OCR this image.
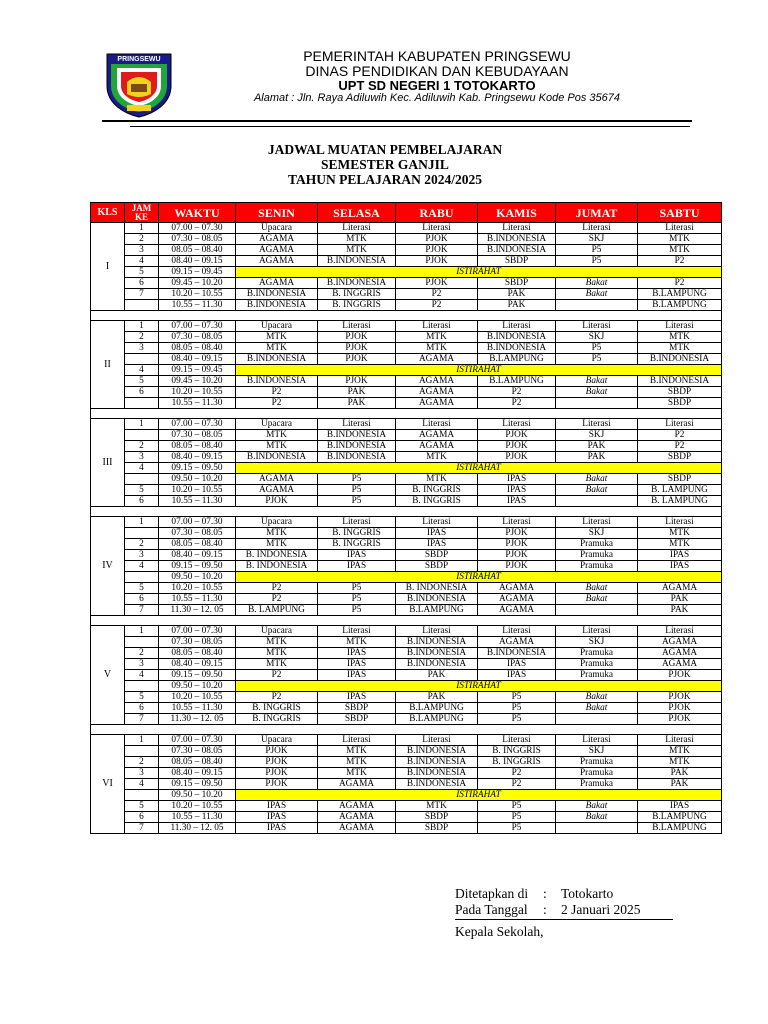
PRINGSEWU	PEMERINTAH KABUPATEN PRINGSEWU
DINAS PENDIDIKAN DAN KEBUDAYAAN
UPT SD NEGERI 1 TOTOKARTO
Alamat : Jln. Raya Adiluwih Kec. Adiluwih Kab. Pringsewu Kode Pos 35674
JADWAL MUATAN PEMBELAJARAN
SEMESTER GANJIL
TAHUN PELAJARAN 2024/2025
KLS	JAM KE	WAKTU	SENIN	SELASA	RABU	KAMIS	JUMAT	SABTU
I	1	07.00 – 07.30	Upacara	Literasi	Literasi	Literasi	Literasi	Literasi
	2	07.30 – 08.05	AGAMA	MTK	PJOK	B.INDONESIA	SKJ	MTK
	3	08.05 – 08.40	AGAMA	MTK	PJOK	B.INDONESIA	P5	MTK
	4	08.40 – 09.15	AGAMA	B.INDONESIA	PJOK	SBDP	P5	P2
	5	09.15 – 09.45	ISTIRAHAT					
	6	09.45 – 10.20	AGAMA	B.INDONESIA	PJOK	SBDP	Bakat	P2
	7	10.20 – 10.55	B.INDONESIA	B. INGGRIS	P2	PAK	Bakat	B.LAMPUNG
		10.55 – 11.30	B.INDONESIA	B. INGGRIS	P2	PAK		B.LAMPUNG

II	1	07.00 – 07.30	Upacara	Literasi	Literasi	Literasi	Literasi	Literasi
	2	07.30 – 08.05	MTK	PJOK	MTK	B.INDONESIA	SKJ	MTK
	3	08.05 – 08.40	MTK	PJOK	MTK	B.INDONESIA	P5	MTK
		08.40 – 09.15	B.INDONESIA	PJOK	AGAMA	B.LAMPUNG	P5	B.INDONESIA
	4	09.15 – 09.45	ISTIRAHAT					
	5	09.45 – 10.20	B.INDONESIA	PJOK	AGAMA	B.LAMPUNG	Bakat	B.INDONESIA
	6	10.20 – 10.55	P2	PAK	AGAMA	P2	Bakat	SBDP
		10.55 – 11.30	P2	PAK	AGAMA	P2		SBDP

III	1	07.00 – 07.30	Upacara	Literasi	Literasi	Literasi	Literasi	Literasi
		07.30 – 08.05	MTK	B.INDONESIA	AGAMA	PJOK	SKJ	P2
	2	08.05 – 08.40	MTK	B.INDONESIA	AGAMA	PJOK	PAK	P2
	3	08.40 – 09.15	B.INDONESIA	B.INDONESIA	MTK	PJOK	PAK	SBDP
	4	09.15 – 09.50	ISTIRAHAT					
		09.50 – 10.20	AGAMA	P5	MTK	IPAS	Bakat	SBDP
	5	10.20 – 10.55	AGAMA	P5	B. INGGRIS	IPAS	Bakat	B. LAMPUNG
	6	10.55 – 11.30	PJOK	P5	B. INGGRIS	IPAS		B. LAMPUNG

IV	1	07.00 – 07.30	Upacara	Literasi	Literasi	Literasi	Literasi	Literasi
		07.30 – 08.05	MTK	B. INGGRIS	IPAS	PJOK	SKJ	MTK
	2	08.05 – 08.40	MTK	B. INGGRIS	IPAS	PJOK	Pramuka	MTK
	3	08.40 – 09.15	B. INDONESIA	IPAS	SBDP	PJOK	Pramuka	IPAS
	4	09.15 – 09.50	B. INDONESIA	IPAS	SBDP	PJOK	Pramuka	IPAS
		09.50 – 10.20	ISTIRAHAT					
	5	10.20 – 10.55	P2	P5	B. INDONESIA	AGAMA	Bakat	AGAMA
	6	10.55 – 11.30	P2	P5	B.INDONESIA	AGAMA	Bakat	PAK
	7	11.30 – 12. 05	B. LAMPUNG	P5	B.LAMPUNG	AGAMA		PAK

V	1	07.00 – 07.30	Upacara	Literasi	Literasi	Literasi	Literasi	Literasi
		07.30 – 08.05	MTK	MTK	B.INDONESIA	AGAMA	SKJ	AGAMA
	2	08.05 – 08.40	MTK	IPAS	B.INDONESIA	B.INDONESIA	Pramuka	AGAMA
	3	08.40 – 09.15	MTK	IPAS	B.INDONESIA	IPAS	Pramuka	AGAMA
	4	09.15 – 09.50	P2	IPAS	PAK	IPAS	Pramuka	PJOK
		09.50 – 10.20	ISTIRAHAT					
	5	10.20 – 10.55	P2	IPAS	PAK	P5	Bakat	PJOK
	6	10.55 – 11.30	B. INGGRIS	SBDP	B.LAMPUNG	P5	Bakat	PJOK
	7	11.30 – 12. 05	B. INGGRIS	SBDP	B.LAMPUNG	P5		PJOK

VI	1	07.00 – 07.30	Upacara	Literasi	Literasi	Literasi	Literasi	Literasi
		07.30 – 08.05	PJOK	MTK	B.INDONESIA	B. INGGRIS	SKJ	MTK
	2	08.05 – 08.40	PJOK	MTK	B.INDONESIA	B. INGGRIS	Pramuka	MTK
	3	08.40 – 09.15	PJOK	MTK	B.INDONESIA	P2	Pramuka	PAK
	4	09.15 – 09.50	PJOK	AGAMA	B.INDONESIA	P2	Pramuka	PAK
		09.50 – 10.20	ISTIRAHAT					
	5	10.20 – 10.55	IPAS	AGAMA	MTK	P5	Bakat	IPAS
	6	10.55 – 11.30	IPAS	AGAMA	SBDP	P5	Bakat	B.LAMPUNG
	7	11.30 – 12. 05	IPAS	AGAMA	SBDP	P5		B.LAMPUNG
Ditetapkan di	:	Totokarto
Pada Tanggal	:	2 Januari 2025
Kepala Sekolah,
